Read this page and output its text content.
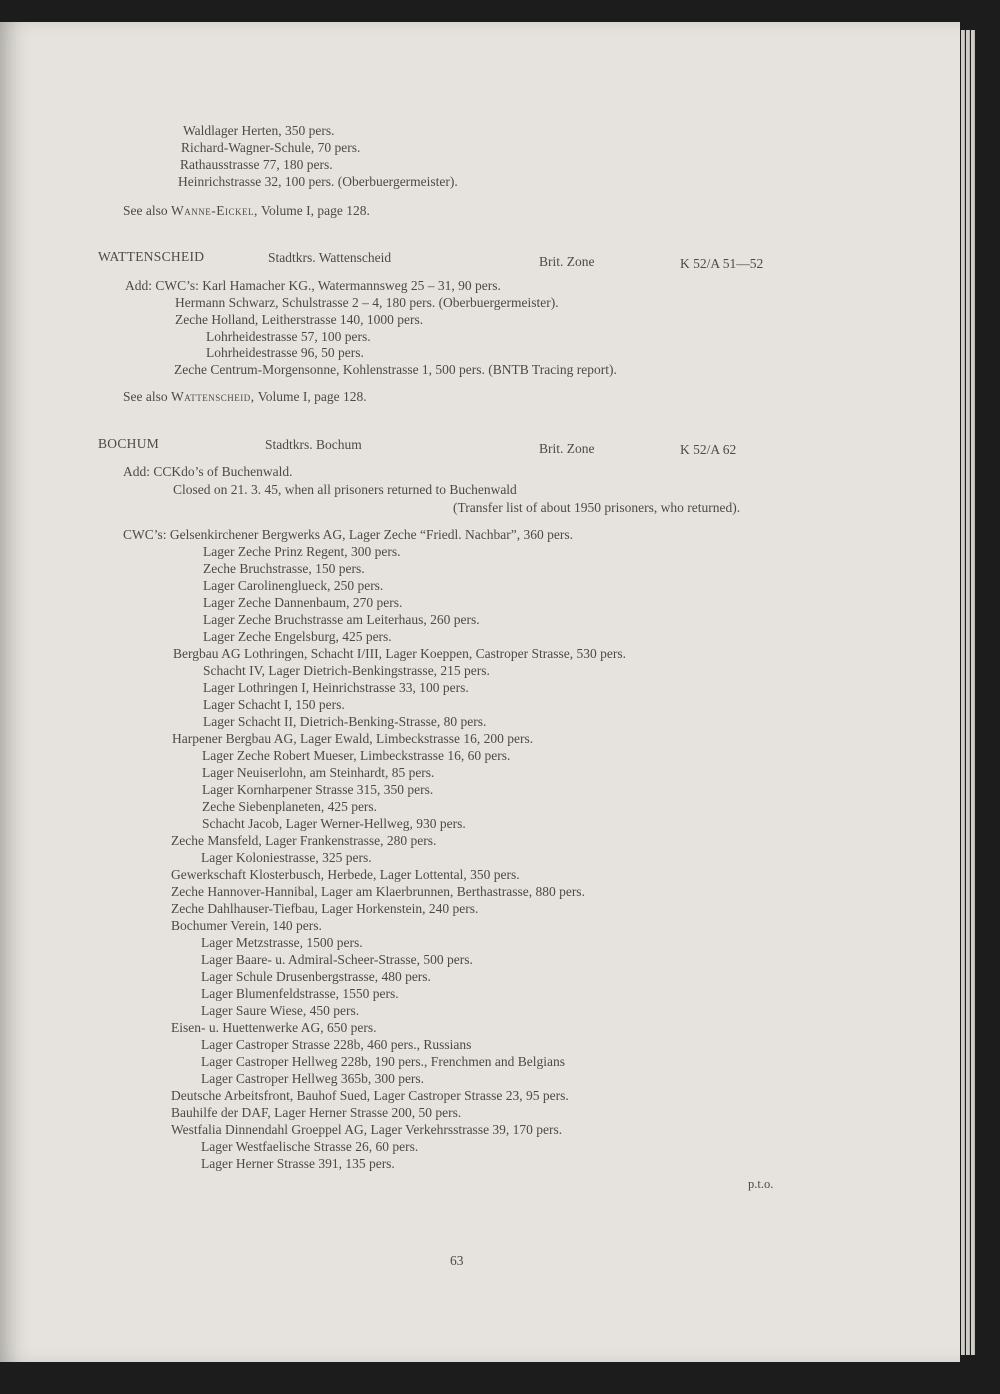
Waldlager Herten, 350 pers.
Richard-Wagner-Schule, 70 pers.
Rathausstrasse 77, 180 pers.
Heinrichstrasse 32, 100 pers. (Oberbuergermeister).
See also Wanne-Eickel, Volume I, page 128.
WATTENSCHEID	Stadtkrs. Wattenscheid	Brit. Zone	K 52/A 51—52
Add: CWC’s: Karl Hamacher KG., Watermannsweg 25 – 31, 90 pers.
Hermann Schwarz, Schulstrasse 2 – 4, 180 pers. (Oberbuergermeister).
Zeche Holland, Leitherstrasse 140, 1000 pers.
Lohrheidestrasse 57, 100 pers.
Lohrheidestrasse 96, 50 pers.
Zeche Centrum-Morgensonne, Kohlenstrasse 1, 500 pers. (BNTB Tracing report).
See also Wattenscheid, Volume I, page 128.
BOCHUM	Stadtkrs. Bochum	Brit. Zone	K 52/A 62
Add: CCKdo’s of Buchenwald.
Closed on 21. 3. 45, when all prisoners returned to Buchenwald
(Transfer list of about 1950 prisoners, who returned).
CWC’s: Gelsenkirchener Bergwerks AG, Lager Zeche “Friedl. Nachbar”, 360 pers.
Lager Zeche Prinz Regent, 300 pers.
Zeche Bruchstrasse, 150 pers.
Lager Carolinenglueck, 250 pers.
Lager Zeche Dannenbaum, 270 pers.
Lager Zeche Bruchstrasse am Leiterhaus, 260 pers.
Lager Zeche Engelsburg, 425 pers.
Bergbau AG Lothringen, Schacht I/III, Lager Koeppen, Castroper Strasse, 530 pers.
Schacht IV, Lager Dietrich-Benkingstrasse, 215 pers.
Lager Lothringen I, Heinrichstrasse 33, 100 pers.
Lager Schacht I, 150 pers.
Lager Schacht II, Dietrich-Benking-Strasse, 80 pers.
Harpener Bergbau AG, Lager Ewald, Limbeckstrasse 16, 200 pers.
Lager Zeche Robert Mueser, Limbeckstrasse 16, 60 pers.
Lager Neuiserlohn, am Steinhardt, 85 pers.
Lager Kornharpener Strasse 315, 350 pers.
Zeche Siebenplaneten, 425 pers.
Schacht Jacob, Lager Werner-Hellweg, 930 pers.
Zeche Mansfeld, Lager Frankenstrasse, 280 pers.
Lager Koloniestrasse, 325 pers.
Gewerkschaft Klosterbusch, Herbede, Lager Lottental, 350 pers.
Zeche Hannover-Hannibal, Lager am Klaerbrunnen, Berthastrasse, 880 pers.
Zeche Dahlhauser-Tiefbau, Lager Horkenstein, 240 pers.
Bochumer Verein, 140 pers.
Lager Metzstrasse, 1500 pers.
Lager Baare- u. Admiral-Scheer-Strasse, 500 pers.
Lager Schule Drusenbergstrasse, 480 pers.
Lager Blumenfeldstrasse, 1550 pers.
Lager Saure Wiese, 450 pers.
Eisen- u. Huettenwerke AG, 650 pers.
Lager Castroper Strasse 228b, 460 pers., Russians
Lager Castroper Hellweg 228b, 190 pers., Frenchmen and Belgians
Lager Castroper Hellweg 365b, 300 pers.
Deutsche Arbeitsfront, Bauhof Sued, Lager Castroper Strasse 23, 95 pers.
Bauhilfe der DAF, Lager Herner Strasse 200, 50 pers.
Westfalia Dinnendahl Groeppel AG, Lager Verkehrsstrasse 39, 170 pers.
Lager Westfaelische Strasse 26, 60 pers.
Lager Herner Strasse 391, 135 pers.
p.t.o.
63
